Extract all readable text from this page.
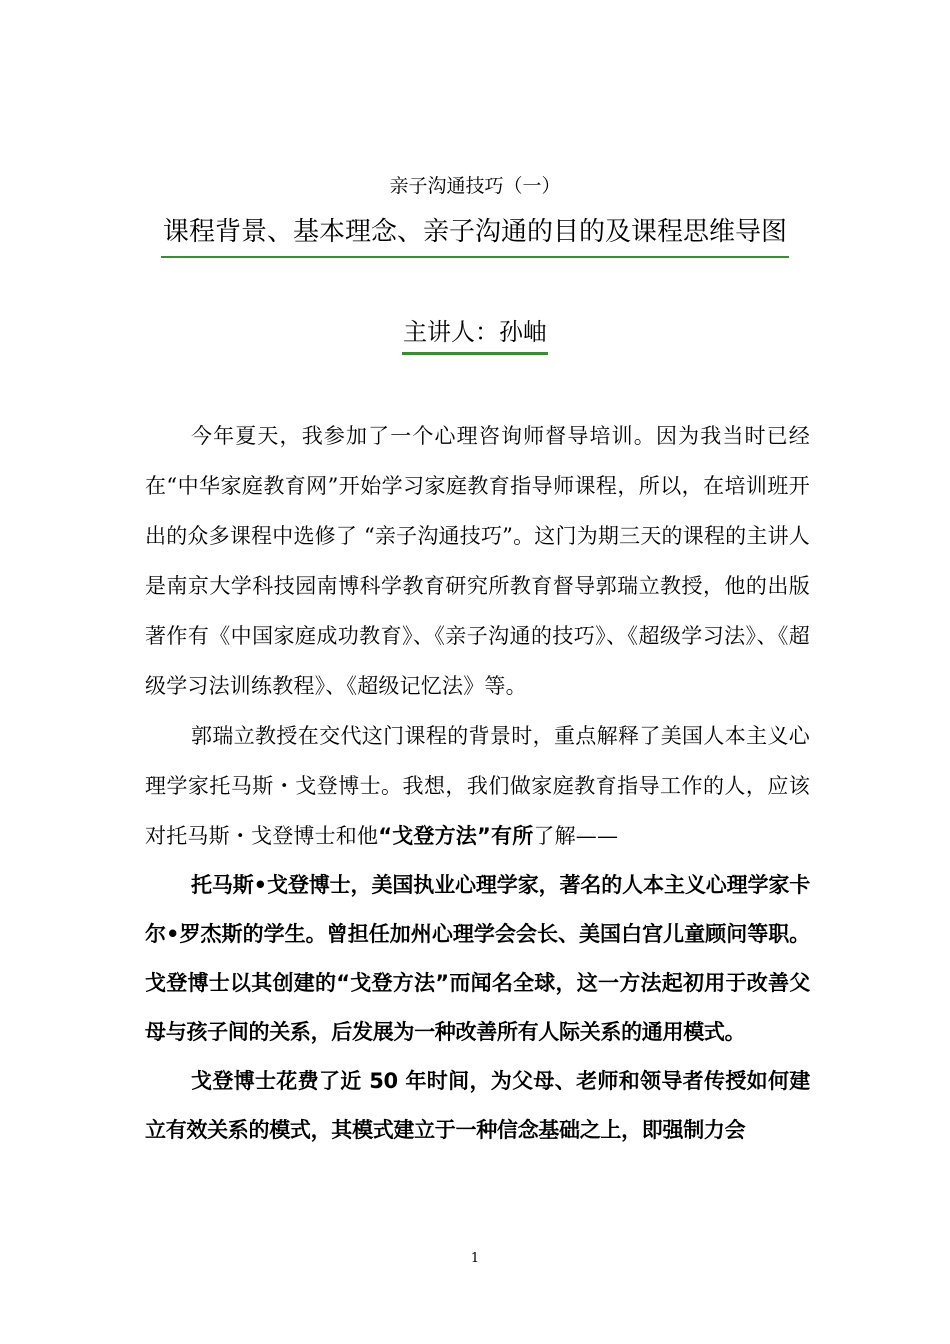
亲子沟通技巧（一）
课程背景、基本理念、亲子沟通的目的及课程思维导图
主讲人：孙岫

今年夏天，我参加了一个心理咨询师督导培训。因为我当时已经在“中华家庭教育网”开始学习家庭教育指导师课程，所以，在培训班开出的众多课程中选修了 “亲子沟通技巧”。这门为期三天的课程的主讲人是南京大学科技园南博科学教育研究所教育督导郭瑞立教授，他的出版著作有《中国家庭成功教育》、《亲子沟通的技巧》、《超级学习法》、《超级学习法训练教程》、《超级记忆法》等。

郭瑞立教授在交代这门课程的背景时，重点解释了美国人本主义心理学家托马斯・戈登博士。我想，我们做家庭教育指导工作的人，应该对托马斯・戈登博士和他“戈登方法”有所了解——

托马斯•戈登博士，美国执业心理学家，著名的人本主义心理学家卡尔•罗杰斯的学生。曾担任加州心理学会会长、美国白宫儿童顾问等职。戈登博士以其创建的“戈登方法”而闻名全球，这一方法起初用于改善父母与孩子间的关系，后发展为一种改善所有人际关系的通用模式。

戈登博士花费了近 50 年时间，为父母、老师和领导者传授如何建立有效关系的模式，其模式建立于一种信念基础之上，即强制力会

1
